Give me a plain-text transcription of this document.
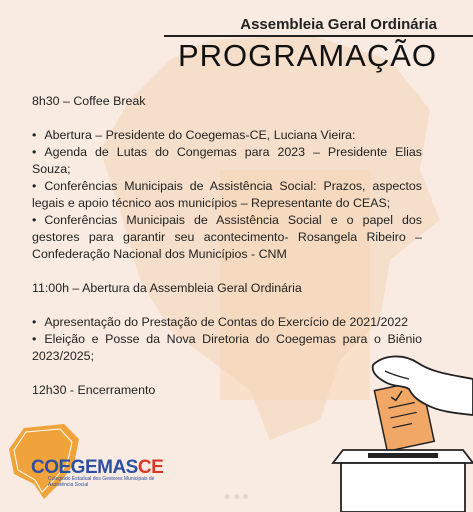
Assembleia Geral Ordinária
PROGRAMAÇÃO

8h30 – Coffee Break

• Abertura – Presidente do Coegemas-CE, Luciana Vieira:
• Agenda de Lutas do Congemas para 2023 – Presidente Elias Souza;
• Conferências Municipais de Assistência Social: Prazos, aspectos legais e apoio técnico aos municípios – Representante do CEAS;
• Conferências Municipais de Assistência Social e o papel dos gestores para garantir seu acontecimento- Rosangela Ribeiro – Confederação Nacional dos Municípios - CNM

11:00h – Abertura da Assembleia Geral Ordinária

• Apresentação do Prestação de Contas do Exercício de 2021/2022
• Eleição e Posse da Nova Diretoria do Coegemas para o Biênio 2023/2025;

12h30 - Encerramento

COEGEMASCE
Colegiado Estadual dos Gestores Municipais de Assistência Social
